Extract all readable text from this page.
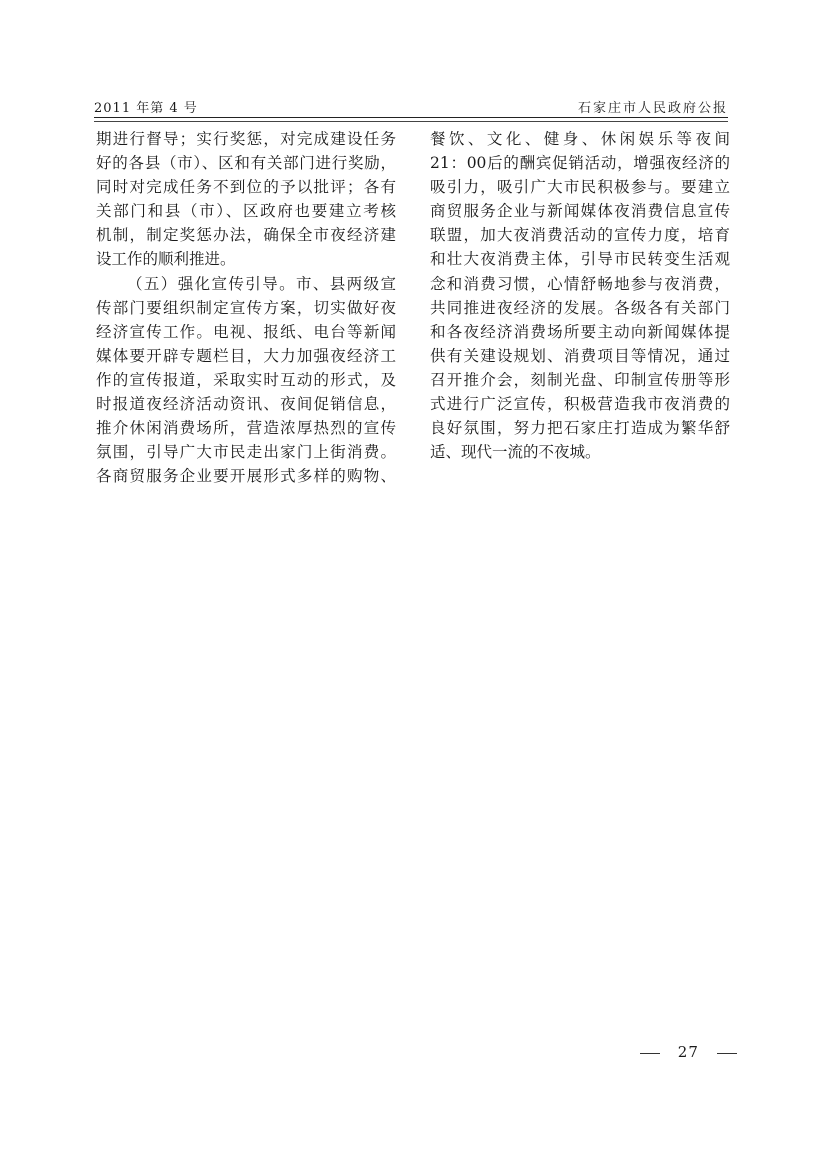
2011 年第 4 号	石家庄市人民政府公报
期进行督导；实行奖惩，对完成建设任务
好的各县（市）、区和有关部门进行奖励，
同时对完成任务不到位的予以批评；各有
关部门和县（市）、区政府也要建立考核
机制，制定奖惩办法，确保全市夜经济建
设工作的顺利推进。
（五）强化宣传引导。市、县两级宣
传部门要组织制定宣传方案，切实做好夜
经济宣传工作。电视、报纸、电台等新闻
媒体要开辟专题栏目，大力加强夜经济工
作的宣传报道，采取实时互动的形式，及
时报道夜经济活动资讯、夜间促销信息，
推介休闲消费场所，营造浓厚热烈的宣传
氛围，引导广大市民走出家门上街消费。
各商贸服务企业要开展形式多样的购物、
餐饮、文化、健身、休闲娱乐等夜间
21：00后的酬宾促销活动，增强夜经济的
吸引力，吸引广大市民积极参与。要建立
商贸服务企业与新闻媒体夜消费信息宣传
联盟，加大夜消费活动的宣传力度，培育
和壮大夜消费主体，引导市民转变生活观
念和消费习惯，心情舒畅地参与夜消费，
共同推进夜经济的发展。各级各有关部门
和各夜经济消费场所要主动向新闻媒体提
供有关建设规划、消费项目等情况，通过
召开推介会，刻制光盘、印制宣传册等形
式进行广泛宣传，积极营造我市夜消费的
良好氛围，努力把石家庄打造成为繁华舒
适、现代一流的不夜城。
27
